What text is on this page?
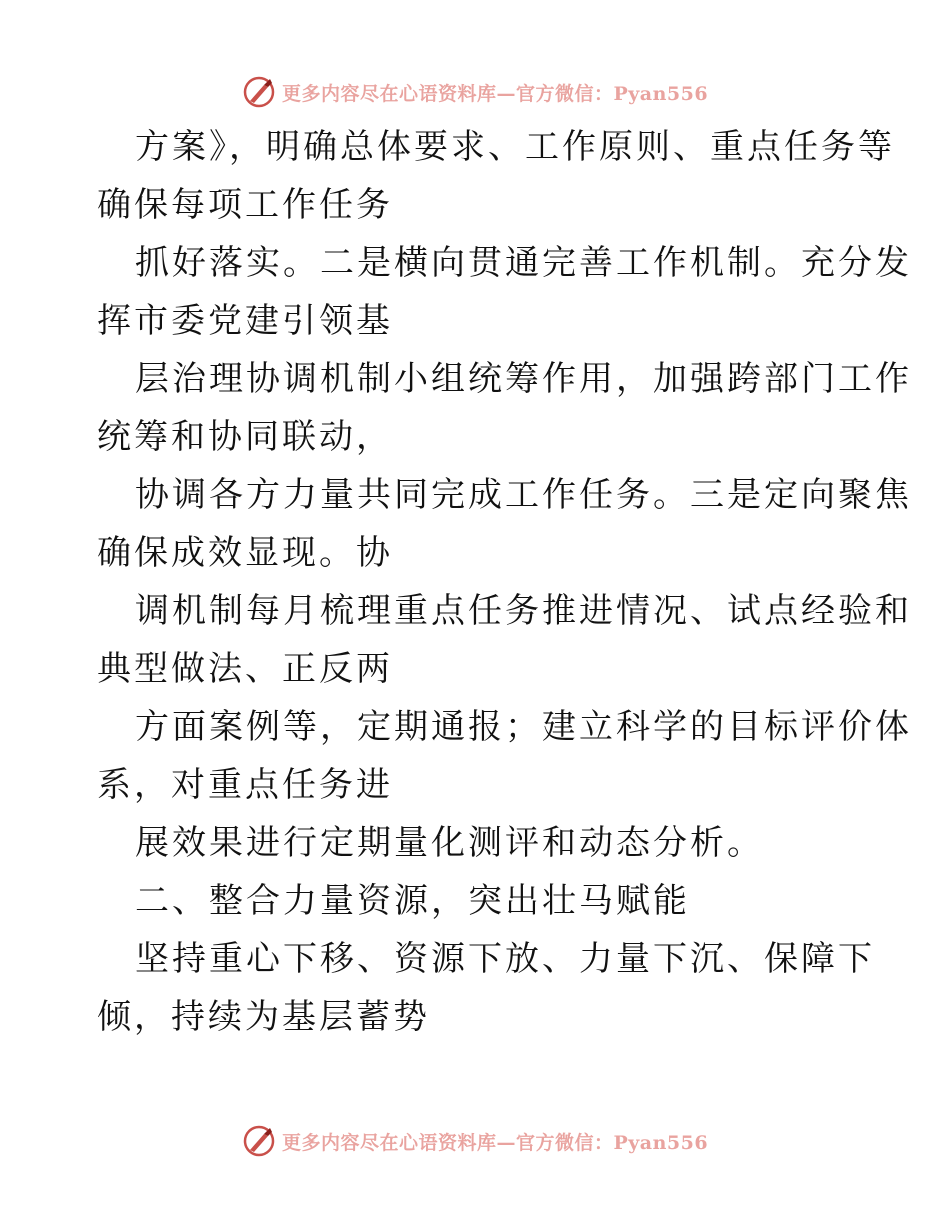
更多内容尽在心语资料库—官方微信：Pyan556
方案》，明确总体要求、工作原则、重点任务等
确保每项工作任务
抓好落实。二是横向贯通完善工作机制。充分发
挥市委党建引领基
层治理协调机制小组统筹作用，加强跨部门工作
统筹和协同联动，
协调各方力量共同完成工作任务。三是定向聚焦
确保成效显现。协
调机制每月梳理重点任务推进情况、试点经验和
典型做法、正反两
方面案例等，定期通报；建立科学的目标评价体
系，对重点任务进
展效果进行定期量化测评和动态分析。
二、整合力量资源，突出壮马赋能
坚持重心下移、资源下放、力量下沉、保障下
倾，持续为基层蓄势
更多内容尽在心语资料库—官方微信：Pyan556
